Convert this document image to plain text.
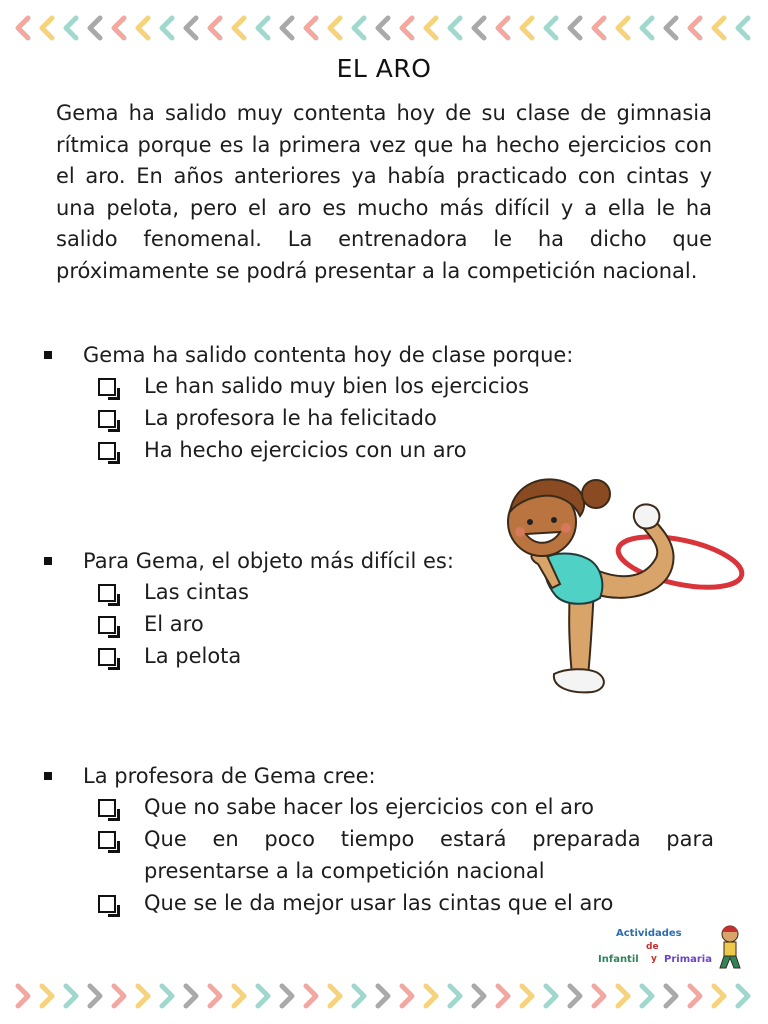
EL ARO
Gema ha salido muy contenta hoy de su clase de gimnasia rítmica porque es la primera vez que ha hecho ejercicios con el aro. En años anteriores ya había practicado con cintas y una pelota, pero el aro es mucho más difícil y a ella le ha salido fenomenal. La entrenadora le ha dicho que próximamente se podrá presentar a la competición nacional.
Gema ha salido contenta hoy de clase porque:
Le han salido muy bien los ejercicios
La profesora le ha felicitado
Ha hecho ejercicios con un aro
Para Gema, el objeto más difícil es:
Las cintas
El aro
La pelota
La profesora de Gema cree:
Que no sabe hacer los ejercicios con el aro
Que en poco tiempo estará preparada para presentarse a la competición nacional
Que se le da mejor usar las cintas que el aro
Actividades
de
Infantil y Primaria
